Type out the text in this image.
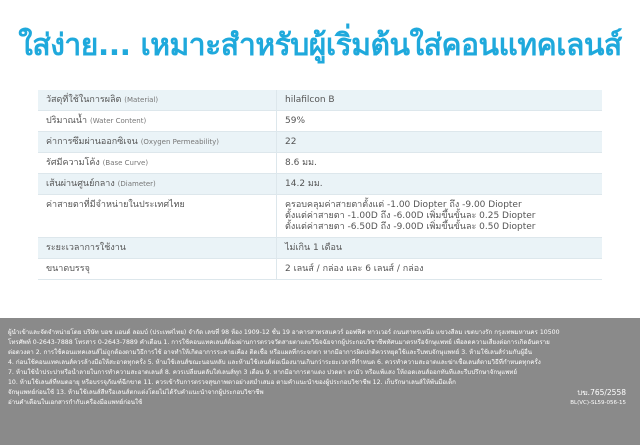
ใส่ง่าย... เหมาะสำหรับผู้เริ่มต้นใส่คอนแทคเลนส์
วัสดุที่ใช้ในการผลิต (Material)	hilafilcon B

ปริมาณน้ำ (Water Content)	59%

ค่าการซึมผ่านออกซิเจน (Oxygen Permeability)	22

รัศมีความโค้ง (Base Curve)	8.6 มม.

เส้นผ่านศูนย์กลาง (Diameter)	14.2 มม.

ค่าสายตาที่มีจำหน่ายในประเทศไทย	ครอบคลุมค่าสายตาตั้งแต่ -1.00 Diopter ถึง -9.00 Diopter
ตั้งแต่ค่าสายตา -1.00D ถึง -6.00D เพิ่มขึ้นขั้นละ 0.25 Diopter
ตั้งแต่ค่าสายตา -6.50D ถึง -9.00D เพิ่มขึ้นขั้นละ 0.50 Diopter

ระยะเวลาการใช้งาน	ไม่เกิน 1 เดือน

ขนาดบรรจุ	2 เลนส์ / กล่อง และ 6 เลนส์ / กล่อง
ผู้นำเข้าและจัดจำหน่ายโดย บริษัท บอช แอนด์ ลอมบ์ (ประเทศไทย) จำกัด เลขที่ 98 ห้อง 1909-12 ชั้น 19 อาคารสาทรสแควร์ ออฟฟิศ ทาวเวอร์ ถนนสาทรเหนือ แขวงสีลม เขตบางรัก กรุงเทพมหานคร 10500
โทรศัพท์ 0-2643-7888 โทรสาร 0-2643-7889 คำเตือน 1. การใช้คอนแทคเลนส์ต้องผ่านการตรวจวัดสายตาและวินิจฉัยจากผู้ประกอบวิชาชีพทัศนมาตรหรือจักษุแพทย์ เพื่อลดความเสี่ยงต่อการเกิดอันตราย
ต่อดวงตา 2. การใช้คอนแทคเลนส์ไม่ถูกต้องตามวิธีการใช้ อาจทำให้เกิดอาการระคายเคือง ติดเชื้อ หรือแผลที่กระจกตา หากมีอาการผิดปกติควรหยุดใช้และรีบพบจักษุแพทย์ 3. ห้ามใช้เลนส์ร่วมกับผู้อื่น
4. ก่อนใช้คอนแทคเลนส์ควรล้างมือให้สะอาดทุกครั้ง 5. ห้ามใช้เลนส์ขณะนอนหลับ และห้ามใช้เลนส์ต่อเนื่องนานเกินกว่าระยะเวลาที่กำหนด 6. ควรทำความสะอาดและฆ่าเชื้อเลนส์ตามวิธีที่กำหนดทุกครั้ง
7. ห้ามใช้น้ำประปาหรือน้ำลายในการทำความสะอาดเลนส์ 8. ควรเปลี่ยนตลับใส่เลนส์ทุก 3 เดือน 9. หากมีอาการตาแดง ปวดตา ตามัว หรือแพ้แสง ให้ถอดเลนส์ออกทันทีและรีบปรึกษาจักษุแพทย์
10. ห้ามใช้เลนส์ที่หมดอายุ หรือบรรจุภัณฑ์ฉีกขาด 11. ควรเข้ารับการตรวจสุขภาพตาอย่างสม่ำเสมอ ตามคำแนะนำของผู้ประกอบวิชาชีพ 12. เก็บรักษาเลนส์ให้พ้นมือเด็ก
จักษุแพทย์ก่อนใช้ 13. ห้ามใช้เลนส์สีหรือเลนส์ตกแต่งโดยไม่ได้รับคำแนะนำจากผู้ประกอบวิชาชีพ
อ่านคำเตือนในเอกสารกำกับเครื่องมือแพทย์ก่อนใช้
บฆ.765/2558
BL(VC)-SL59-056-15
